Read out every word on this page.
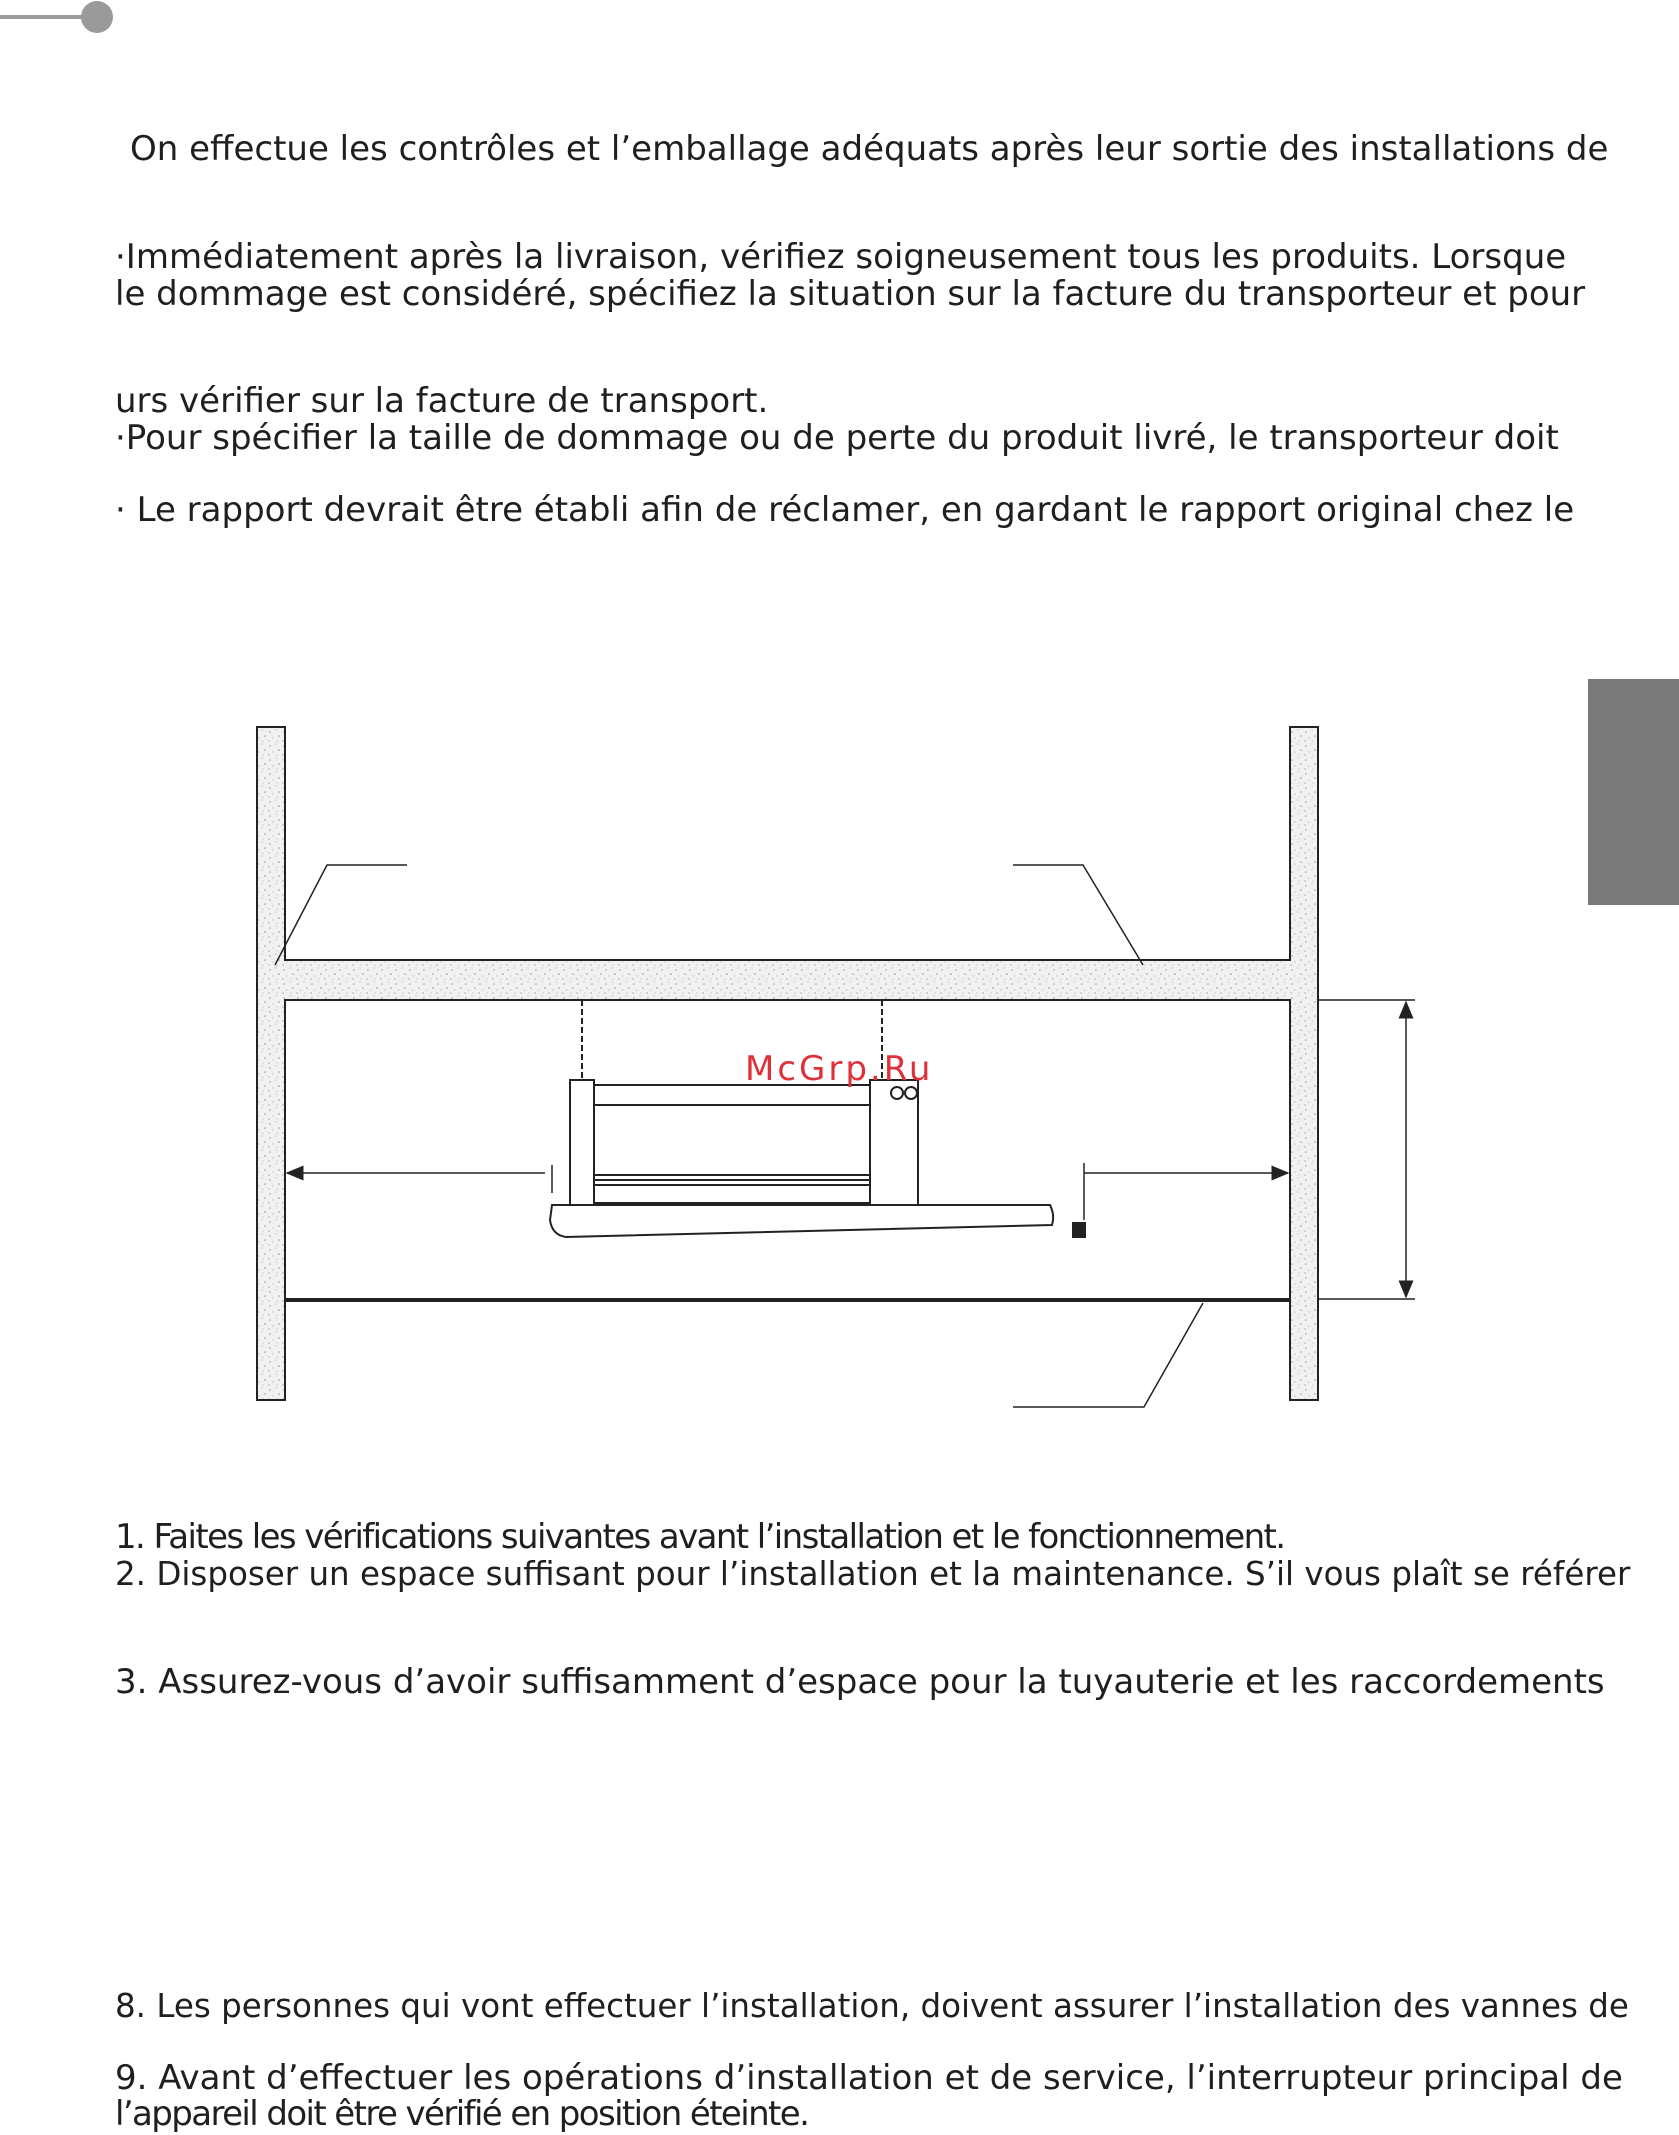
On effectue les contrôles et l’emballage adéquats après leur sortie des installations de

·Immédiatement après la livraison, vérifiez soigneusement tous les produits. Lorsque

le dommage est considéré, spécifiez la situation sur la facture du transporteur et pour

urs vérifier sur la facture de transport.

·Pour spécifier la taille de dommage ou de perte du produit livré, le transporteur doit

· Le rapport devrait être établi afin de réclamer, en gardant le rapport original chez le

McGrp.Ru

1. Faites les vérifications suivantes avant l’installation et le fonctionnement.

2. Disposer un espace suffisant pour l’installation et la maintenance. S’il vous plaît se référer

3. Assurez-vous d’avoir suffisamment d’espace pour la tuyauterie et les raccordements

8. Les personnes qui vont effectuer l’installation, doivent assurer l’installation des vannes de

9. Avant d’effectuer les opérations d’installation et de service, l’interrupteur principal de

l’appareil doit être vérifié en position éteinte.
